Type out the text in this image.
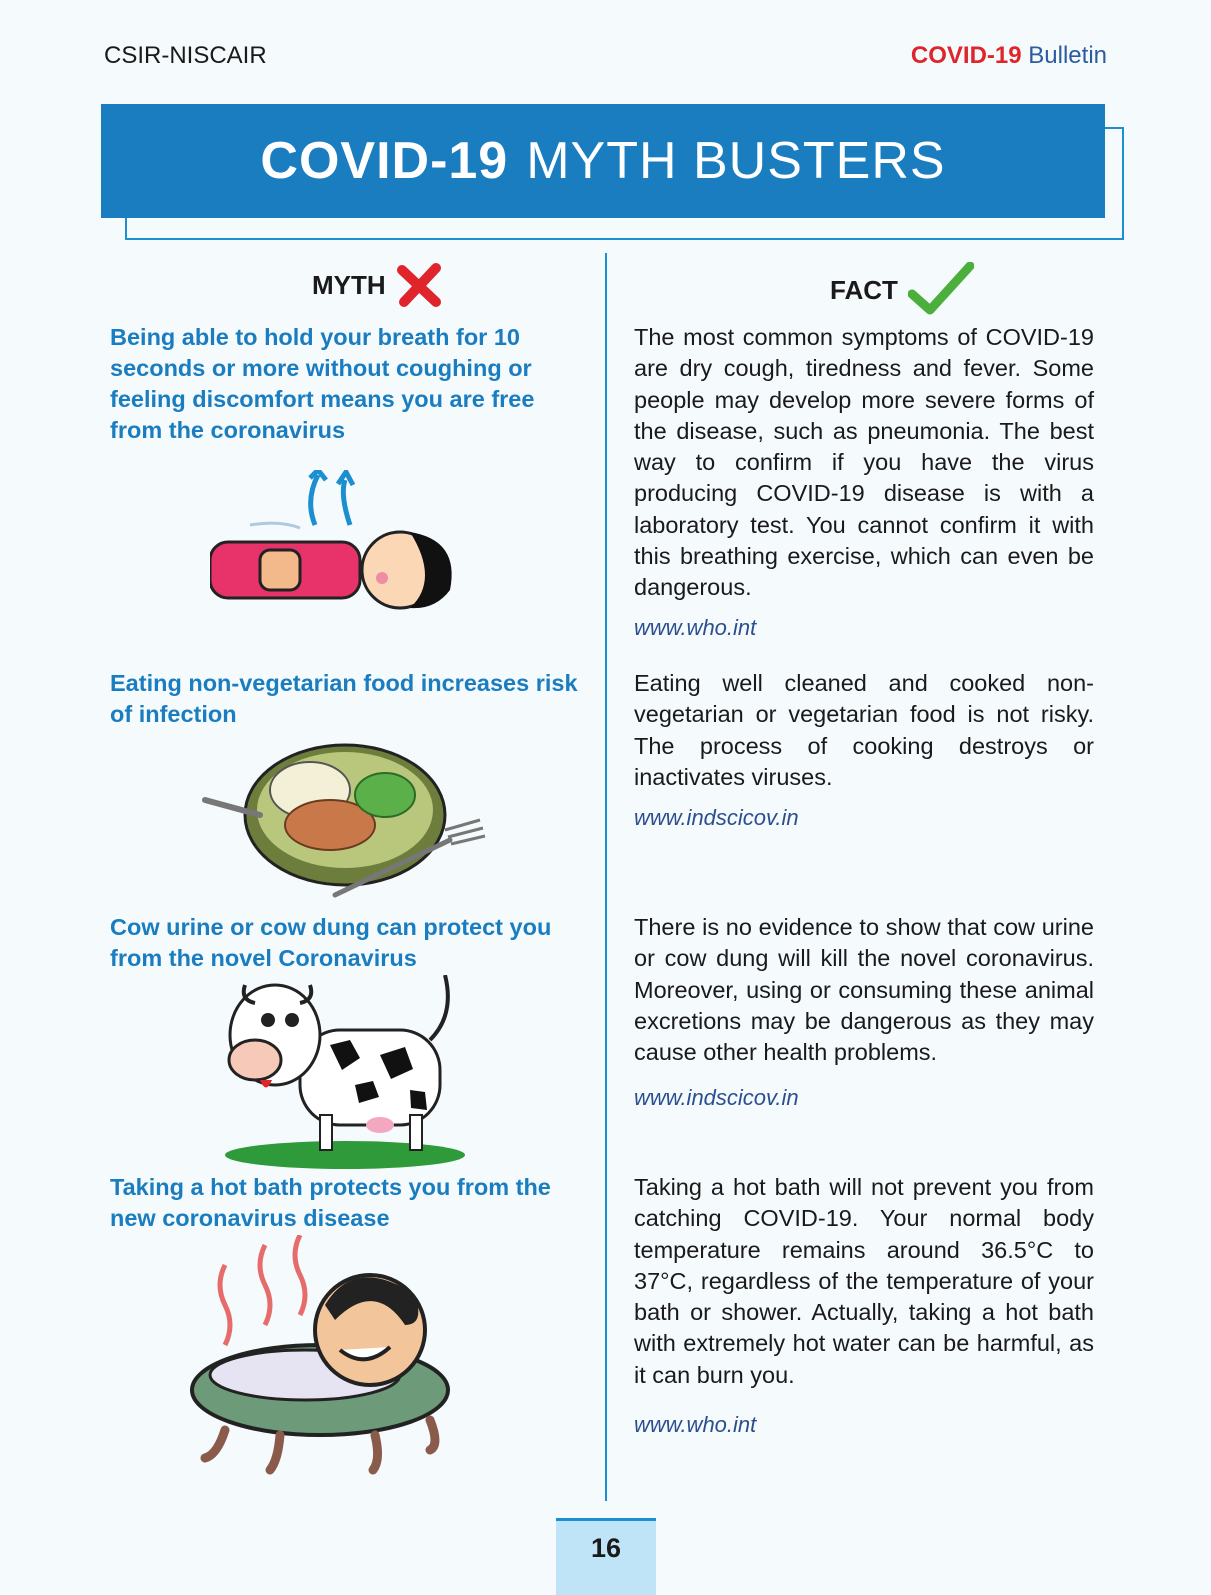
CSIR-NISCAIR	COVID-19 Bulletin
COVID-19 MYTH BUSTERS
MYTH	FACT
Being able to hold your breath for 10 seconds or more without coughing or feeling discomfort means you are free from the coronavirus
The most common symptoms of COVID-19 are dry cough, tiredness and fever. Some people may develop more severe forms of the disease, such as pneumonia. The best way to confirm if you have the virus producing COVID-19 disease is with a laboratory test. You cannot confirm it with this breathing exercise, which can even be dangerous.
www.who.int
Eating non-vegetarian food increases risk of infection
Eating well cleaned and cooked non-vegetarian or vegetarian food is not risky. The process of cooking destroys or inactivates viruses.
www.indscicov.in
Cow urine or cow dung can protect you from the novel Coronavirus
There is no evidence to show that cow urine or cow dung will kill the novel coronavirus. Moreover, using or consuming these animal excretions may be dangerous as they may cause other health problems.
www.indscicov.in
Taking a hot bath protects you from the new coronavirus disease
Taking a hot bath will not prevent you from catching COVID-19. Your normal body temperature remains around 36.5°C to 37°C, regardless of the temperature of your bath or shower. Actually, taking a hot bath with extremely hot water can be harmful, as it can burn you.
www.who.int
16
